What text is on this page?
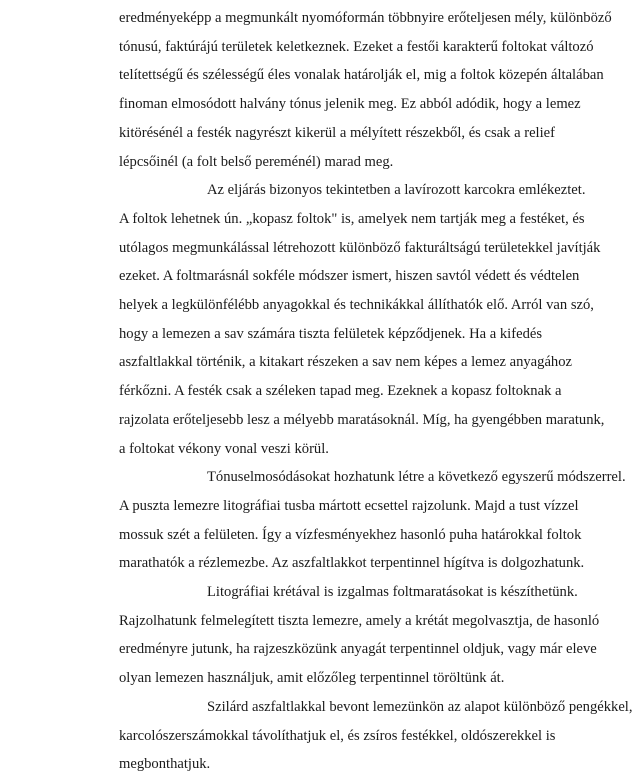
eredményeképp a megmunkált nyomóformán többnyire erőteljesen mély, különböző
tónusú, faktúrájú területek keletkeznek. Ezeket a festői karakterű foltokat változó
telítettségű és szélességű éles vonalak határolják el, mig a foltok közepén általában
finoman elmosódott halvány tónus jelenik meg. Ez abból adódik, hogy a lemez
kitörésénél a festék nagyrészt kikerül a mélyített részekből, és csak a relief
lépcsőinél (a folt belső pereménél) marad meg.
Az eljárás bizonyos tekintetben a lavírozott karcokra emlékeztet.
A foltok lehetnek ún. „kopasz foltok" is, amelyek nem tartják meg a festéket, és
utólagos megmunkálással létrehozott különböző fakturáltságú területekkel javítják
ezeket. A foltmarásnál sokféle módszer ismert, hiszen savtól védett és védtelen
helyek a legkülönfélébb anyagokkal és technikákkal állíthatók elő. Arról van szó,
hogy a lemezen a sav számára tiszta felületek képződjenek. Ha a kifedés
aszfaltlakkal történik, a kitakart részeken a sav nem képes a lemez anyagához
férkőzni. A festék csak a széleken tapad meg. Ezeknek a kopasz foltoknak a
rajzolata erőteljesebb lesz a mélyebb maratásoknál. Míg, ha gyengébben maratunk,
a foltokat vékony vonal veszi körül.
Tónuselmosódásokat hozhatunk létre a következő egyszerű módszerrel.
A puszta lemezre litográfiai tusba mártott ecsettel rajzolunk. Majd a tust vízzel
mossuk szét a felületen. Így a vízfesményekhez hasonló puha határokkal foltok
marathatók a rézlemezbe. Az aszfaltlakkot terpentinnel hígítva is dolgozhatunk.
Litográfiai krétával is izgalmas foltmaratásokat is készíthetünk.
Rajzolhatunk felmelegített tiszta lemezre, amely a krétát megolvasztja, de hasonló
eredményre jutunk, ha rajzeszközünk anyagát terpentinnel oldjuk, vagy már eleve
olyan lemezen használjuk, amit előzőleg terpentinnel töröltünk át.
Szilárd aszfaltlakkal bevont lemezünkön az alapot különböző pengékkel,
karcolószerszámokkal távolíthatjuk el, és zsíros festékkel, oldószerekkel is
megbonthatjuk.
